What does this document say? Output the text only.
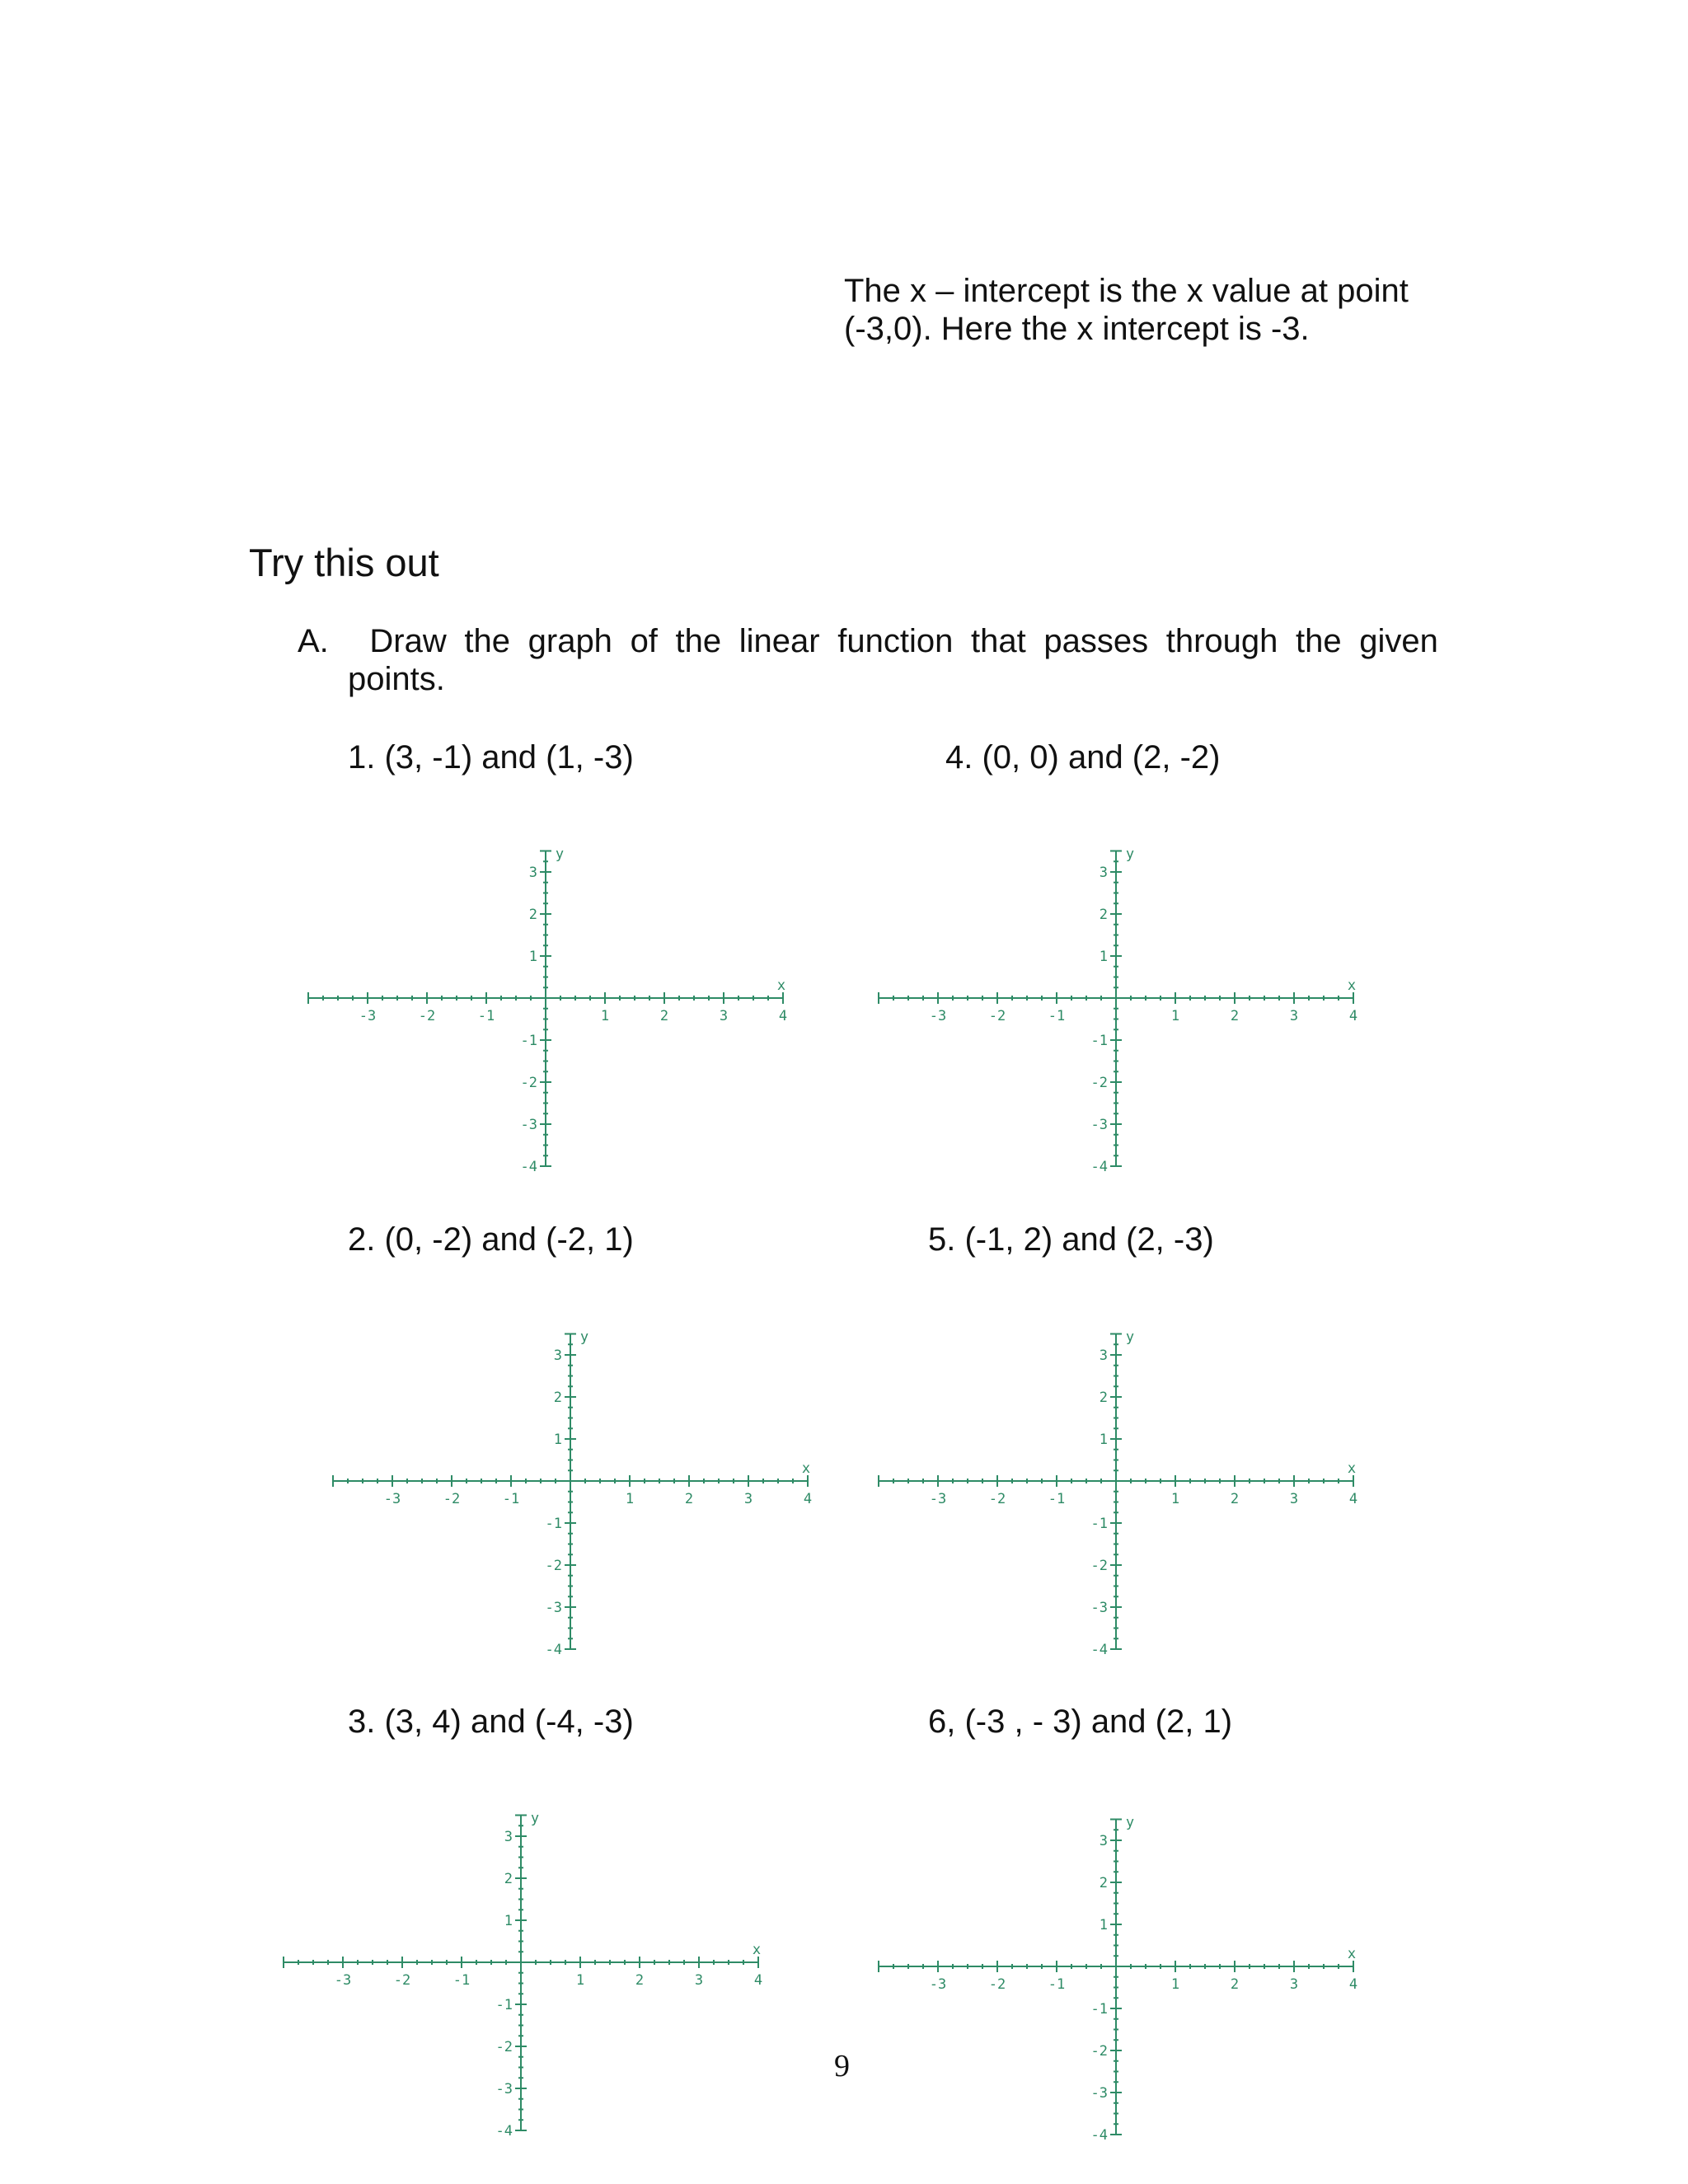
The x – intercept is the x value at point
(-3,0). Here the x intercept is -3.
Try this out
A. Draw the graph of the linear function that passes through the given
points.
1. (3, -1) and (1, -3)	4. (0, 0) and (2, -2)
2. (0, -2) and (-2, 1)	5. (-1, 2) and (2, -3)
3. (3, 4) and (-4, -3)	6, (-3 , - 3) and (2, 1)
-3	-2	-1	1	2	3	4
3
2
1
-1
-2
-3
-4
x
y
-3	-2	-1	1	2	3	4
3
2
1
-1
-2
-3
-4
x
y
-3	-2	-1	1	2	3	4
3
2
1
-1
-2
-3
-4
x
y
-3	-2	-1	1	2	3	4
3
2
1
-1
-2
-3
-4
x
y
-3	-2	-1	1	2	3	4
3
2
1
-1
-2
-3
-4
x
y
-3	-2	-1	1	2	3	4
3
2
1
-1
-2
-3
-4
x
y
9
